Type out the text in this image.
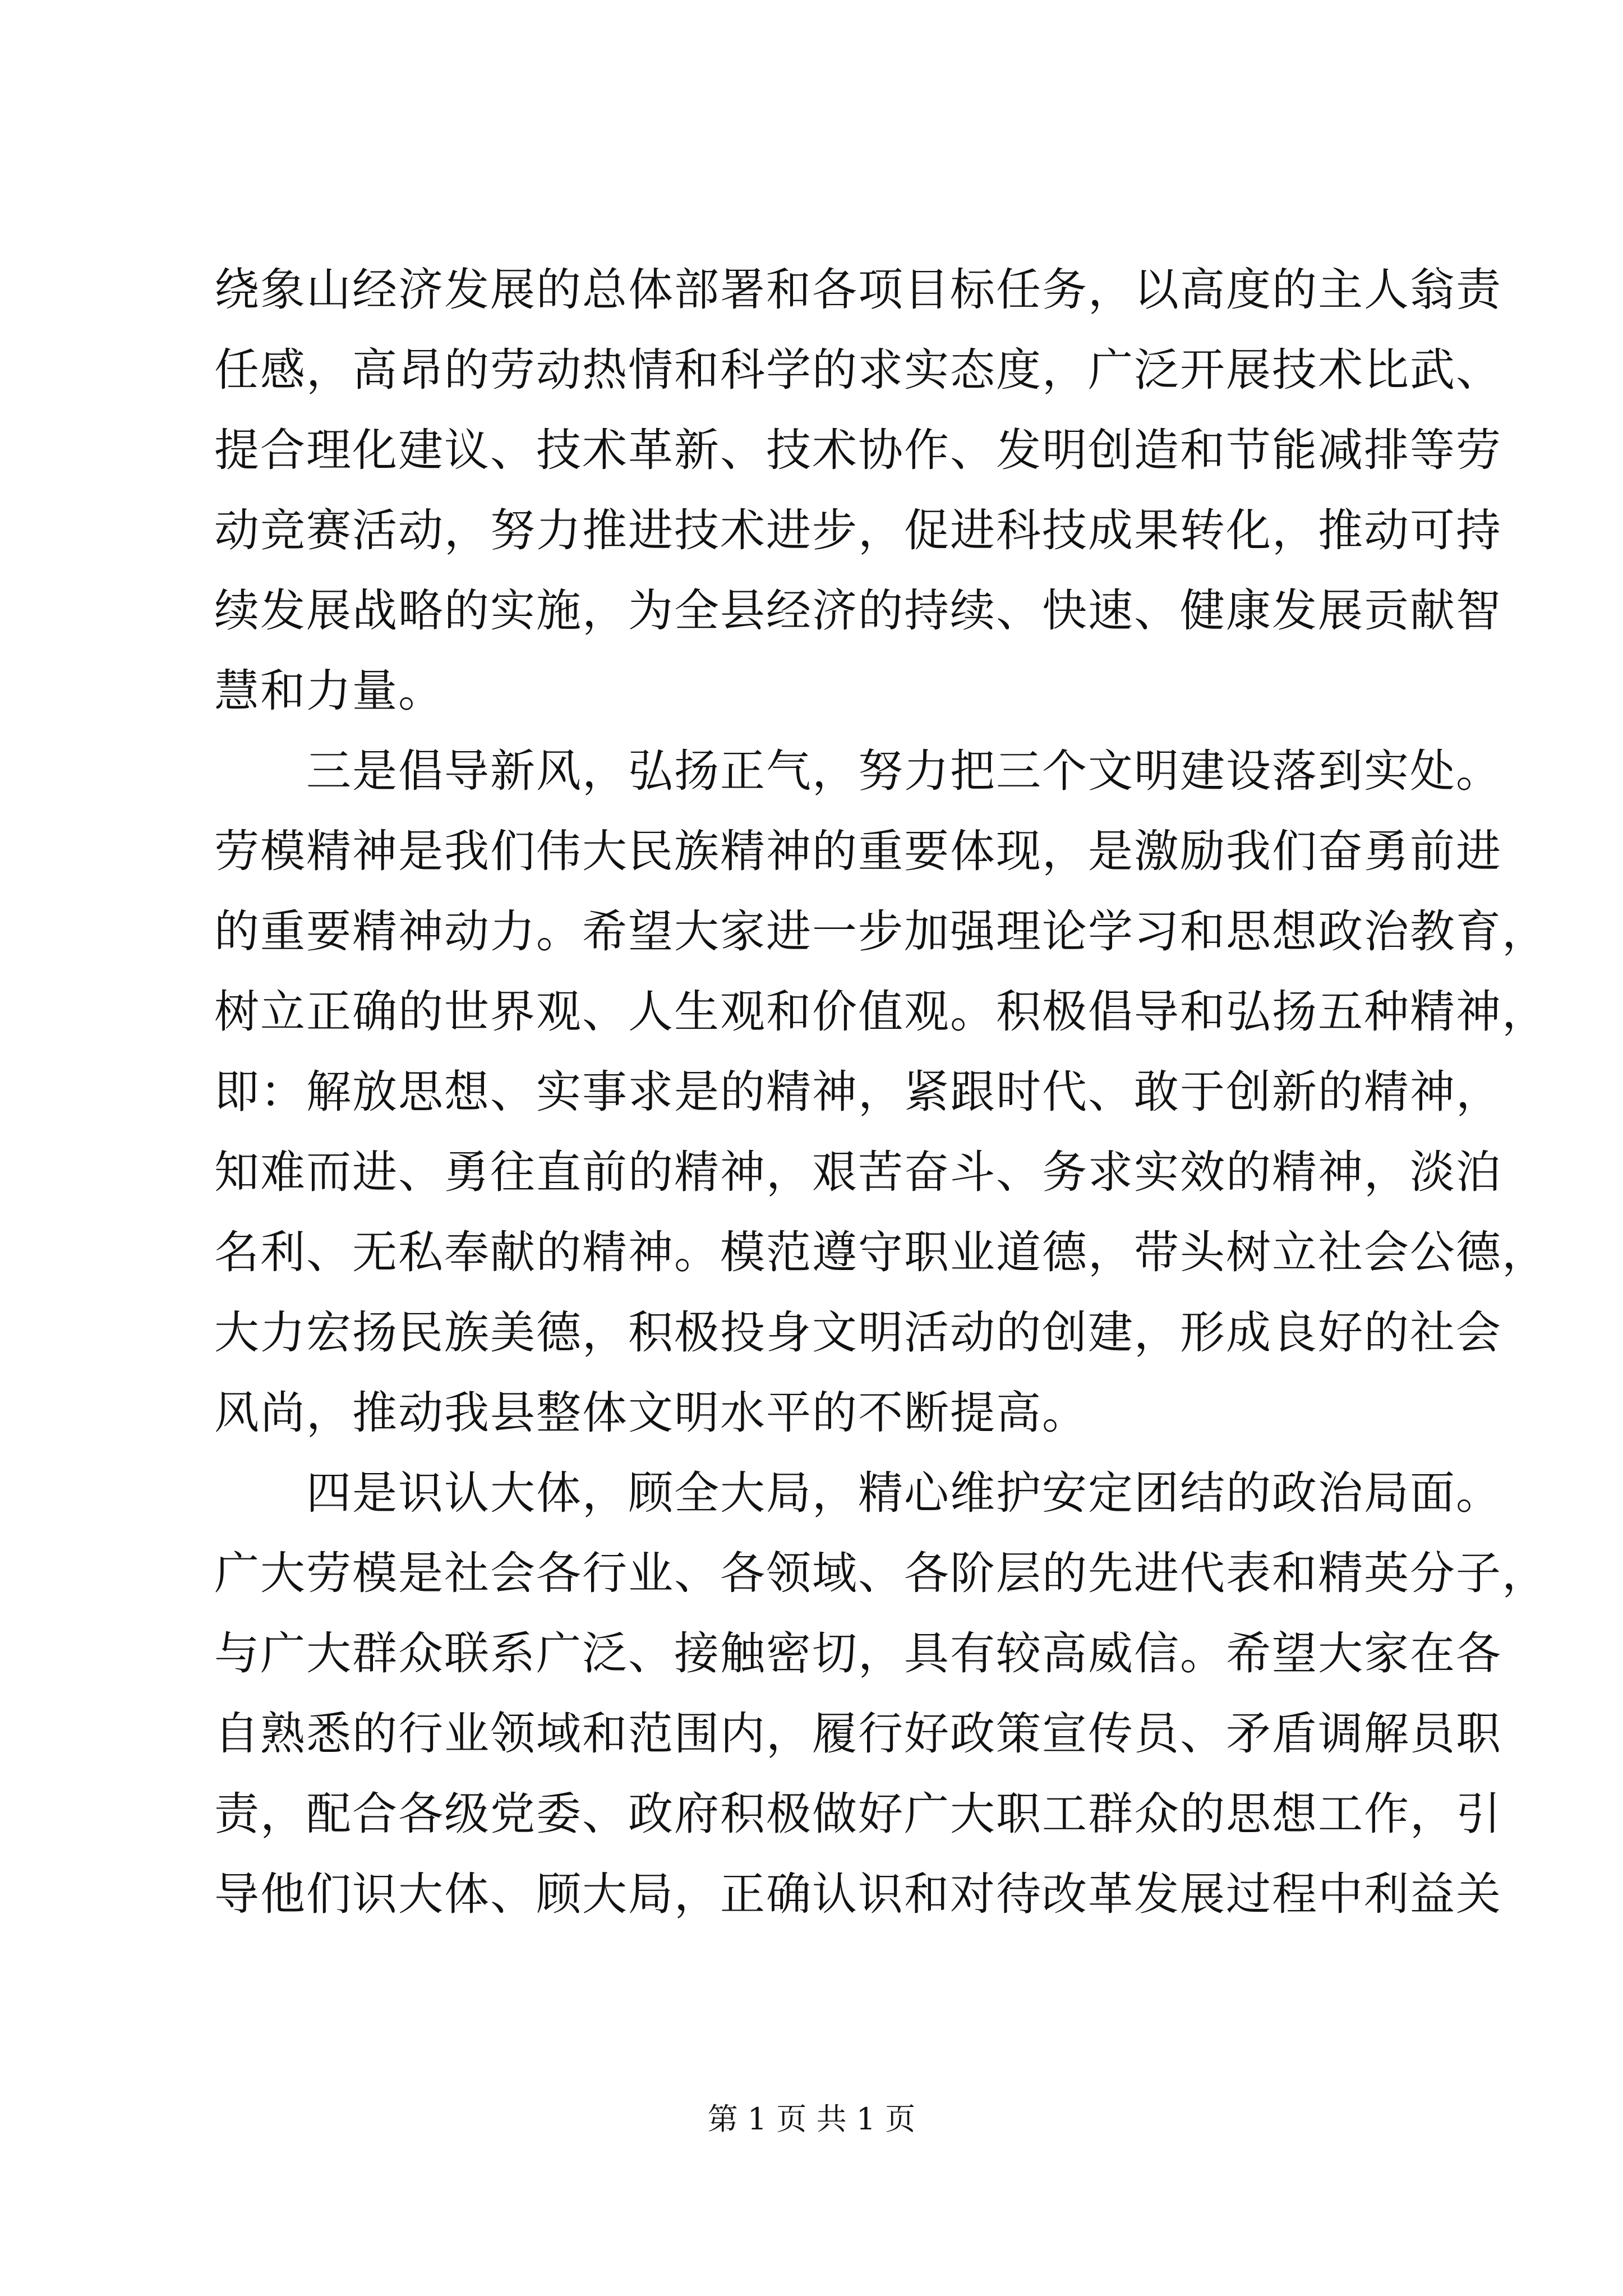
绕象山经济发展的总体部署和各项目标任务，以高度的主人翁责
任感，高昂的劳动热情和科学的求实态度，广泛开展技术比武、
提合理化建议、技术革新、技术协作、发明创造和节能减排等劳
动竞赛活动，努力推进技术进步，促进科技成果转化，推动可持
续发展战略的实施，为全县经济的持续、快速、健康发展贡献智
慧和力量。
　　三是倡导新风，弘扬正气，努力把三个文明建设落到实处。
劳模精神是我们伟大民族精神的重要体现，是激励我们奋勇前进
的重要精神动力。希望大家进一步加强理论学习和思想政治教育，
树立正确的世界观、人生观和价值观。积极倡导和弘扬五种精神，
即：解放思想、实事求是的精神，紧跟时代、敢于创新的精神，
知难而进、勇往直前的精神，艰苦奋斗、务求实效的精神，淡泊
名利、无私奉献的精神。模范遵守职业道德，带头树立社会公德，
大力宏扬民族美德，积极投身文明活动的创建，形成良好的社会
风尚，推动我县整体文明水平的不断提高。
　　四是识认大体，顾全大局，精心维护安定团结的政治局面。
广大劳模是社会各行业、各领域、各阶层的先进代表和精英分子，
与广大群众联系广泛、接触密切，具有较高威信。希望大家在各
自熟悉的行业领域和范围内，履行好政策宣传员、矛盾调解员职
责，配合各级党委、政府积极做好广大职工群众的思想工作，引
导他们识大体、顾大局，正确认识和对待改革发展过程中利益关
第 1 页 共 1 页
